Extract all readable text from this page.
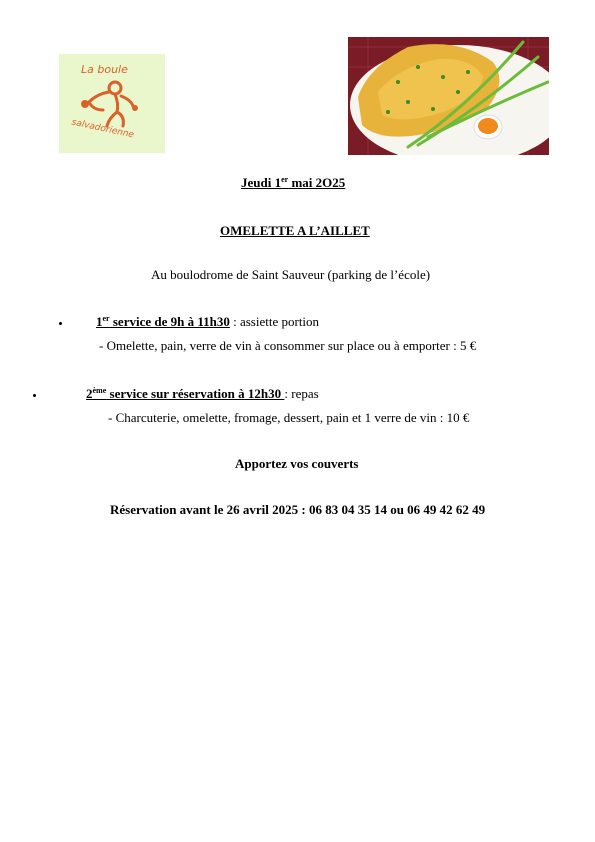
La boule
salvadorienne
Jeudi 1er mai 2O25
OMELETTE A L’AILLET
Au boulodrome de Saint Sauveur (parking de l’école)
1er service de 9h à 11h30 : assiette portion
- Omelette, pain, verre de vin à consommer sur place ou à emporter : 5 €
2ème service sur réservation à 12h30 : repas
- Charcuterie, omelette, fromage, dessert, pain et 1 verre de vin : 10 €
Apportez vos couverts
Réservation avant le 26 avril 2025 : 06 83 04 35 14 ou 06 49 42 62 49
